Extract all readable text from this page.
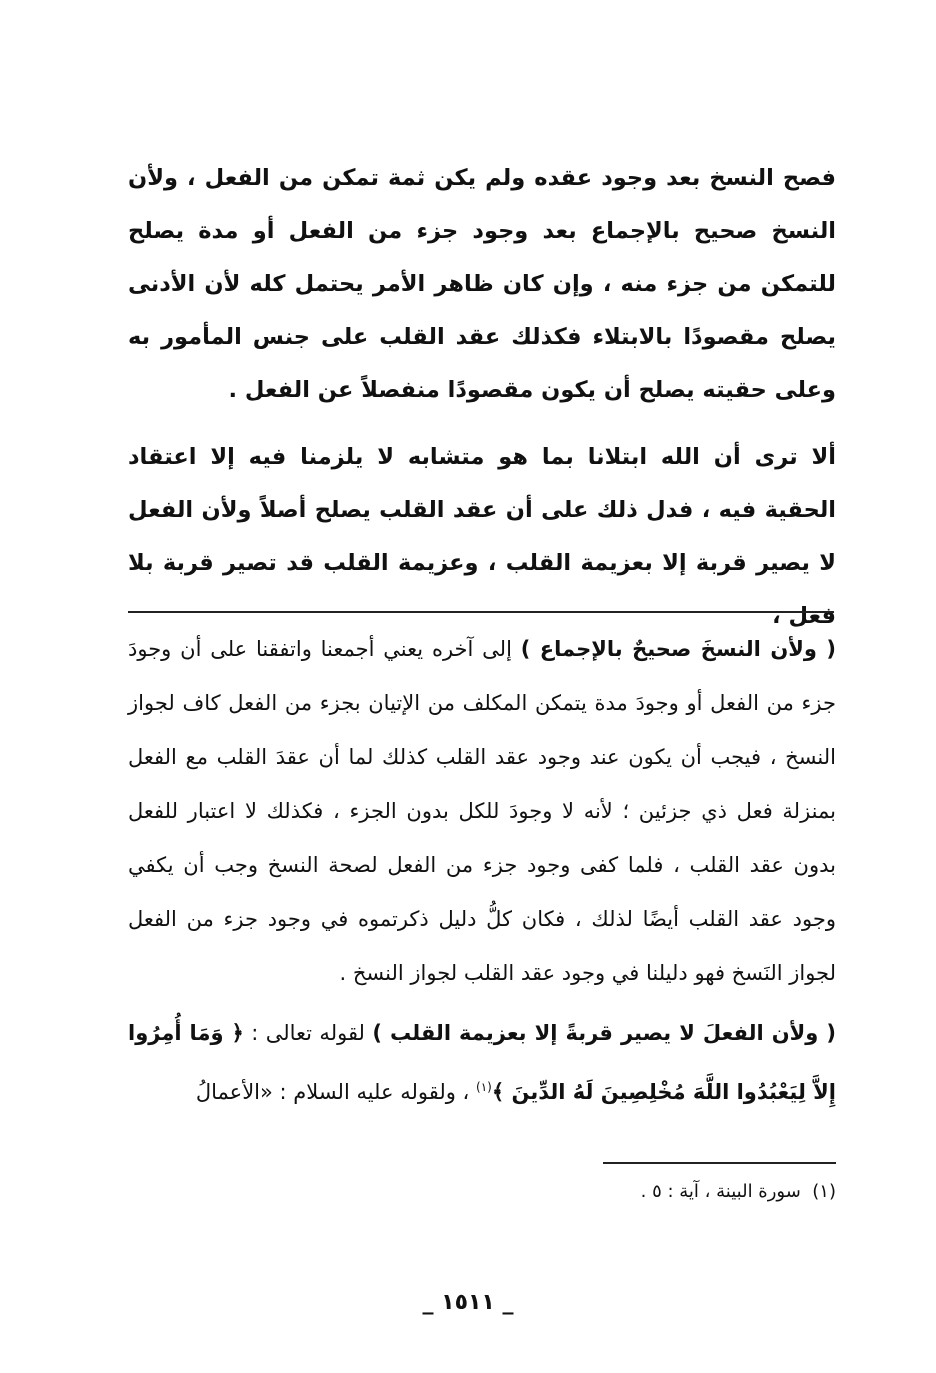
فصح النسخ بعد وجود عقده ولم يكن ثمة تمكن من الفعل ، ولأن النسخ صحيح بالإجماع بعد وجود جزء من الفعل أو مدة يصلح للتمكن من جزء منه ، وإن كان ظاهر الأمر يحتمل كله لأن الأدنى يصلح مقصودًا بالابتلاء فكذلك عقد القلب على جنس المأمور به وعلى حقيته يصلح أن يكون مقصودًا منفصلاً عن الفعل .

ألا ترى أن الله ابتلانا بما هو متشابه لا يلزمنا فيه إلا اعتقاد الحقية فيه ، فدل ذلك على أن عقد القلب يصلح أصلاً ولأن الفعل لا يصير قربة إلا بعزيمة القلب ، وعزيمة القلب قد تصير قربة بلا فعل ،

( ولأن النسخَ صحيحٌ بالإجماع ) إلى آخره يعني أجمعنا واتفقنا على أن وجودَ جزء من الفعل أو وجودَ مدة يتمكن المكلف من الإتيان بجزء من الفعل كاف لجواز النسخ ، فيجب أن يكون عند وجود عقد القلب كذلك لما أن عقدَ القلب مع الفعل بمنزلة فعل ذي جزئين ؛ لأنه لا وجودَ للكل بدون الجزء ، فكذلك لا اعتبار للفعل بدون عقد القلب ، فلما كفى وجود جزء من الفعل لصحة النسخ وجب أن يكفي وجود عقد القلب أيضًا لذلك ، فكان كلُّ دليل ذكرتموه في وجود جزء من الفعل لجواز النَسخ فهو دليلنا في وجود عقد القلب لجواز النسخ .

( ولأن الفعلَ لا يصير قربةً إلا بعزيمة القلب ) لقوله تعالى : ﴿ وَمَا أُمِرُوا إِلاَّ لِيَعْبُدُوا اللَّهَ مُخْلِصِينَ لَهُ الدِّينَ ﴾$^{(١)}$ ، ولقوله عليه السلام : «الأعمالُ

(١)  سورة البينة ، آية : ٥ .
_ ١٥١١ _
